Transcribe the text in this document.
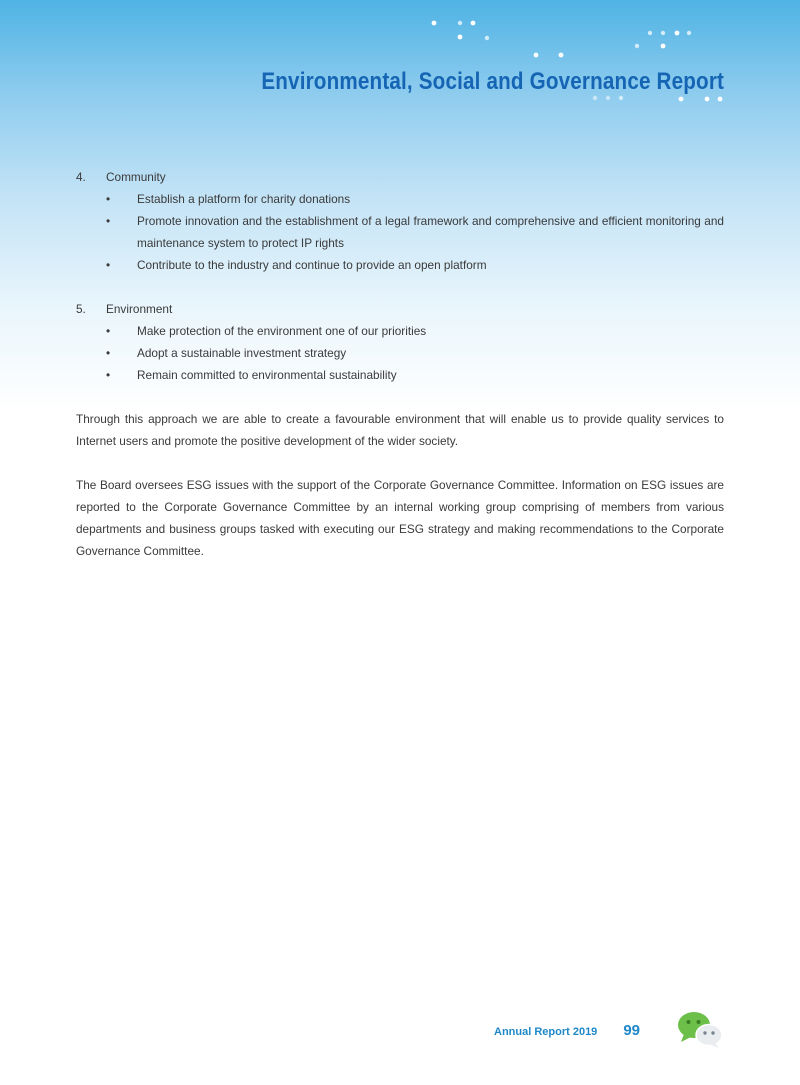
Environmental, Social and Governance Report
4.	Community
•	Establish a platform for charity donations
•	Promote innovation and the establishment of a legal framework and comprehensive and efficient monitoring and maintenance system to protect IP rights
•	Contribute to the industry and continue to provide an open platform
5.	Environment
•	Make protection of the environment one of our priorities
•	Adopt a sustainable investment strategy
•	Remain committed to environmental sustainability

Through this approach we are able to create a favourable environment that will enable us to provide quality services to Internet users and promote the positive development of the wider society.

The Board oversees ESG issues with the support of the Corporate Governance Committee. Information on ESG issues are reported to the Corporate Governance Committee by an internal working group comprising of members from various departments and business groups tasked with executing our ESG strategy and making recommendations to the Corporate Governance Committee.

Annual Report 2019 99
